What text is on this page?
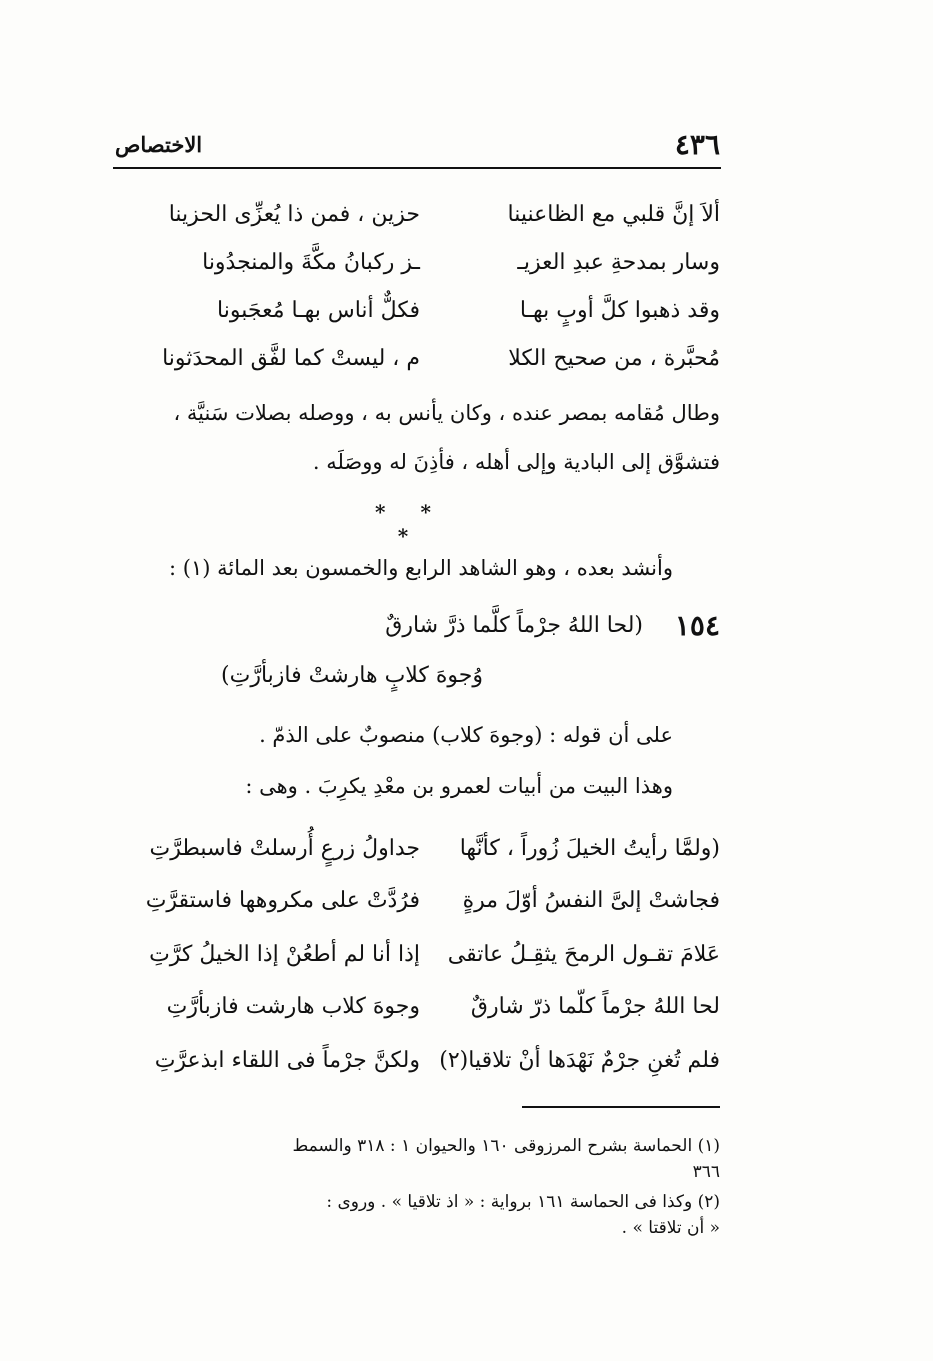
٤٣٦
الاختصاص
ألاَ إنَّ قلبي مع الظاعنينا
حزين ، فمن ذا يُعزِّى الحزينا
وسار بمدحةِ عبدِ العزيـ
ـز ركبانُ مكَّةَ والمنجدُونا
وقد ذهبوا كلَّ أوبٍ بهـا
فكلٌّ أناس بهـا مُعجَبونا
مُحبَّرة ، من صحيح الكلا
م ، ليستْ كما لفَّق المحدَثونا
وطال مُقامه بمصر عنده ، وكان يأنس به ، ووصله بصلات سَنيَّة ،
فتشوَّق إلى البادية وإلى أهله ، فأذِنَ له ووصَلَه .
* * *
وأنشد بعده ، وهو الشاهد الرابع والخمسون بعد المائة (١) :
١٥٤
(لحا اللهُ جرْماً كلَّما ذرَّ شارقٌ
وُجوهَ كلابٍ هارشتْ فازبأرَّتِ)
على أن قوله : (وجوهَ كلاب) منصوبٌ على الذمّ .
وهذا البيت من أبيات لعمرو بن معْدِ يكرِبَ . وهى :
(ولمَّا رأيتُ الخيلَ زُوراً ، كأنَّها
جداولُ زرعٍ أُرسلتْ فاسبطرَّتِ
فجاشتْ إلىَّ النفسُ أوّلَ مرةٍ
فرُدَّتْ على مكروهها فاستقرَّتِ
عَلامَ تقـول الرمحَ يثقِـلُ عاتقى
إذا أنا لم أطعُنْ إذا الخيلُ كرَّتِ
لحا اللهُ جرْماً كلّما ذرّ شارقٌ
وجوهَ كلاب هارشت فازبأرَّتِ
فلم تُغنِ جرْمٌ نَهْدَها أنْ تلاقيا(٢)
ولكنَّ جرْماً فى اللقاء ابذعرَّتِ
(١) الحماسة بشرح المرزوقى ١٦٠ والحيوان ١ : ٣١٨ والسمط
٣٦٦
(٢) وكذا فى الحماسة ١٦١ برواية : « اذ تلاقيا » . وروى :
« أن تلاقتا » .
